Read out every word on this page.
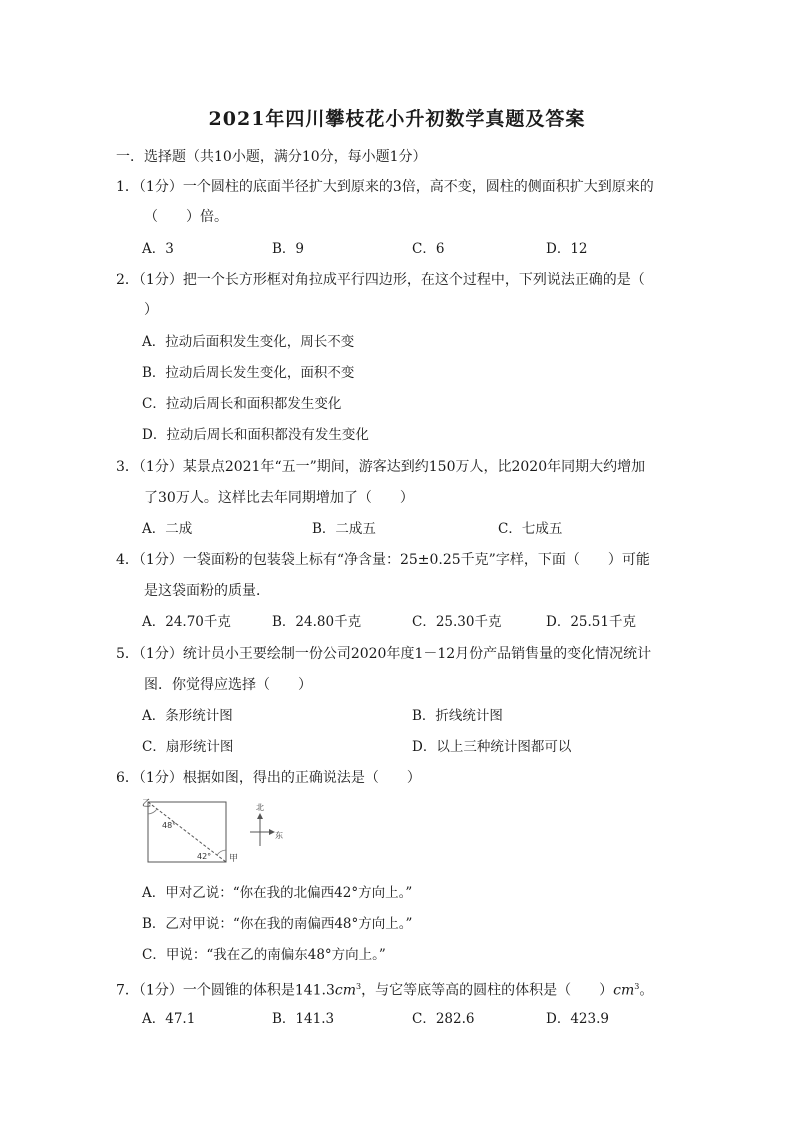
2021年四川攀枝花小升初数学真题及答案
一．选择题（共10小题，满分10分，每小题1分）
1．（1分）一个圆柱的底面半径扩大到原来的3倍，高不变，圆柱的侧面积扩大到原来的
（　　）倍。
A．3	B．9	C．6	D．12
2．（1分）把一个长方形框对角拉成平行四边形，在这个过程中，下列说法正确的是（
）
A．拉动后面积发生变化，周长不变
B．拉动后周长发生变化，面积不变
C．拉动后周长和面积都发生变化
D．拉动后周长和面积都没有发生变化
3．（1分）某景点2021年“五一”期间，游客达到约150万人，比2020年同期大约增加
了30万人。这样比去年同期增加了（　　）
A．二成	B．二成五	C．七成五
4．（1分）一袋面粉的包装袋上标有“净含量：25±0.25千克”字样，下面（　　）可能
是这袋面粉的质量．
A．24.70千克	B．24.80千克	C．25.30千克	D．25.51千克
5．（1分）统计员小王要绘制一份公司2020年度1－12月份产品销售量的变化情况统计
图．你觉得应选择（　　）
A．条形统计图	B．折线统计图
C．扇形统计图	D．以上三种统计图都可以
6．（1分）根据如图，得出的正确说法是（　　）
乙
甲
48°
42°
北
东
A．甲对乙说：“你在我的北偏西42°方向上。”
B．乙对甲说：“你在我的南偏西48°方向上。”
C．甲说：“我在乙的南偏东48°方向上。”
7．（1分）一个圆锥的体积是$141.3cm^3$，与它等底等高的圆柱的体积是（　　）$cm^3$。
A．47.1	B．141.3	C．282.6	D．423.9
